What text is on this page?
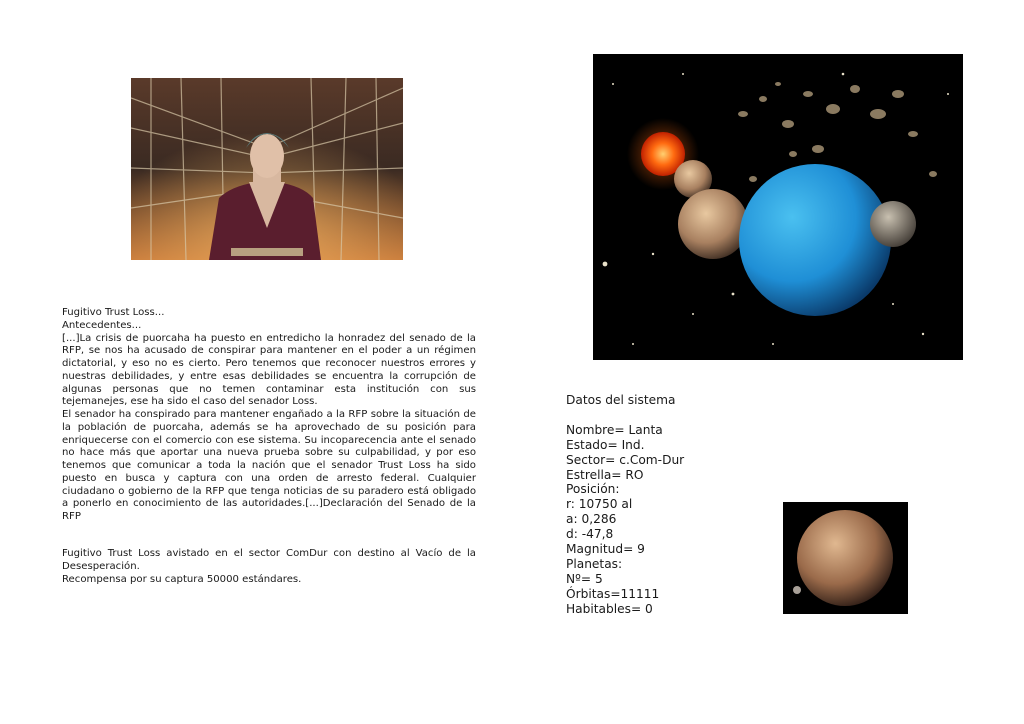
Fugitivo Trust Loss...

Antecedentes...

[...]La crisis de puorcaha ha puesto en entredicho la honradez del senado de la RFP, se nos ha acusado de conspirar para mantener en el poder a un régimen dictatorial, y eso no es cierto. Pero tenemos que reconocer nuestros errores y nuestras debilidades, y entre esas debilidades se encuentra la corrupción de algunas personas que no temen contaminar esta institución con sus tejemanejes, ese ha sido el caso del senador Loss.

El senador ha conspirado para mantener engañado a la RFP sobre la situación de la población de puorcaha, además se ha aprovechado de su posición para enriquecerse con el comercio con ese sistema. Su incoparecencia ante el senado no hace más que aportar una nueva prueba sobre su culpabilidad, y por eso tenemos que comunicar a toda la nación que el senador Trust Loss ha sido puesto en busca y captura con una orden de arresto federal. Cualquier ciudadano o gobierno de la RFP que tenga noticias de su paradero está obligado a ponerlo en conocimiento de las autoridades.[...]Declaración del Senado de la RFP

Fugitivo Trust Loss avistado en el sector ComDur con destino al Vacío de la Desesperación.

Recompensa por su captura 50000 estándares.

Datos del sistema
Nombre= Lanta
Estado= Ind.
Sector= c.Com-Dur
Estrella= RO
Posición:
r: 10750 al
a: 0,286
d: -47,8
Magnitud= 9
Planetas:
Nº= 5
Órbitas=11111
Habitables= 0
